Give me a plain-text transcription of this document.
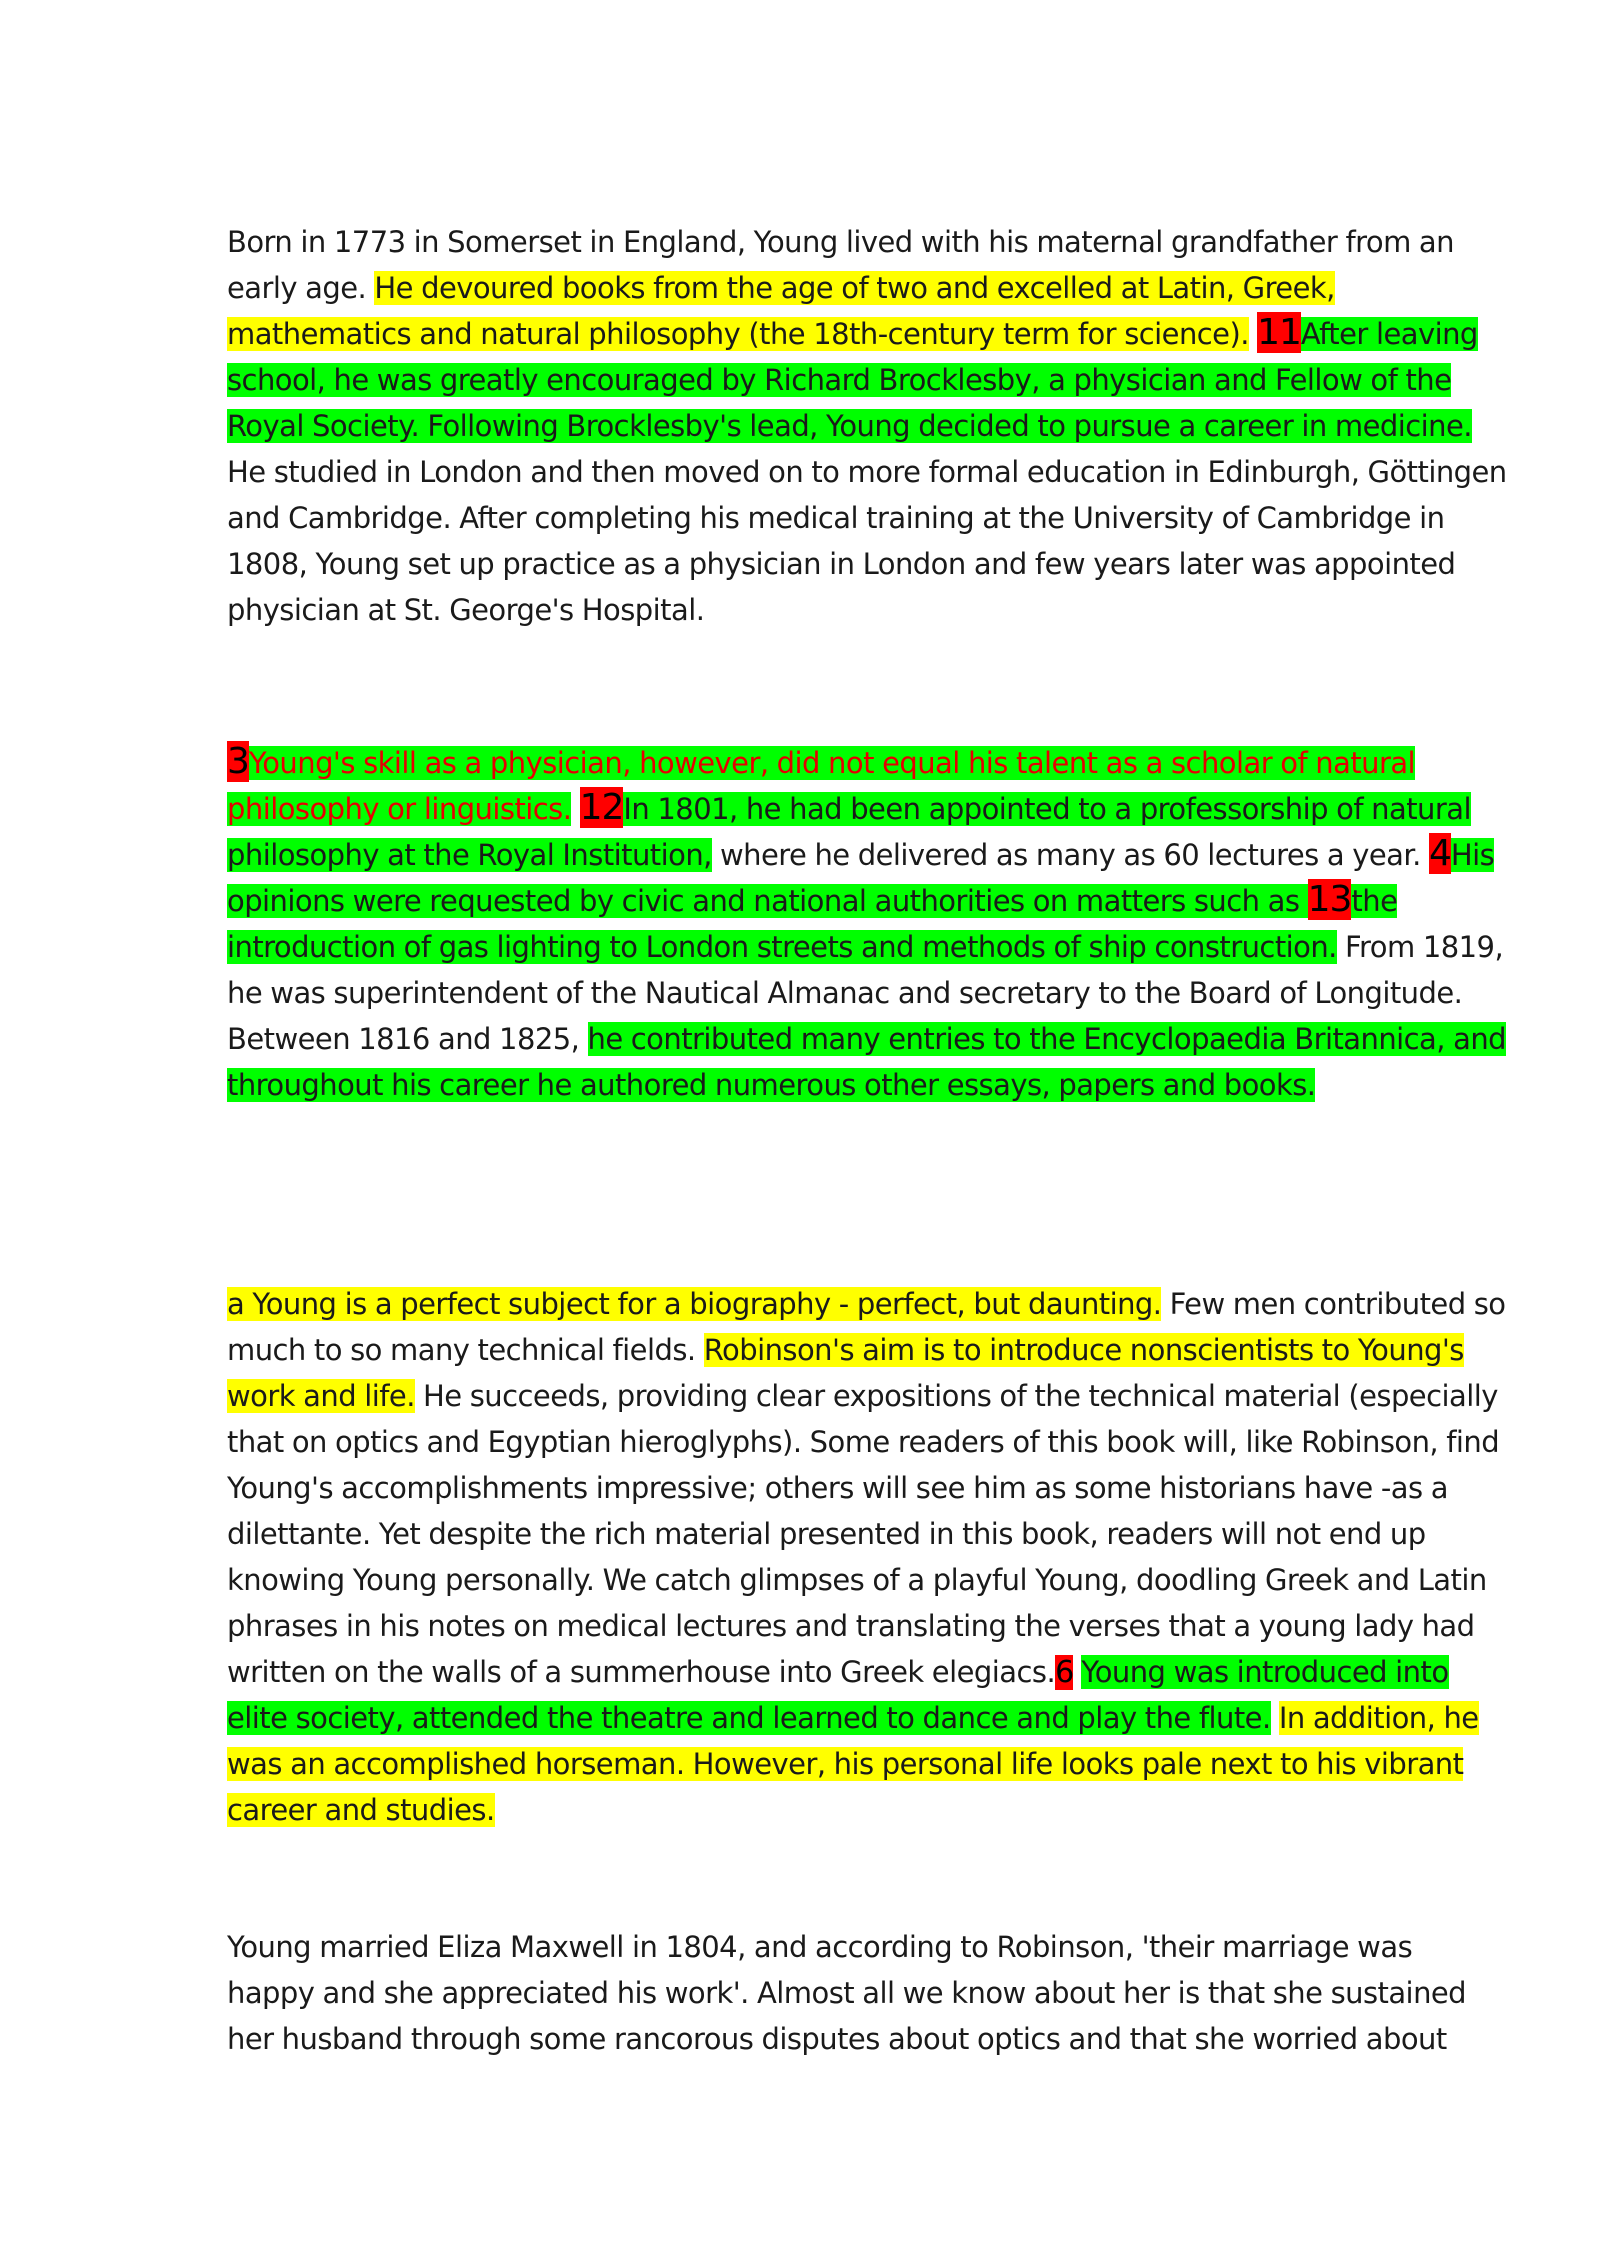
Born in 1773 in Somerset in England, Young lived with his maternal grandfather from an early age. He devoured books from the age of two and excelled at Latin, Greek, mathematics and natural philosophy (the 18th-century term for science). 11After leaving school, he was greatly encouraged by Richard Brocklesby, a physician and Fellow of the Royal Society. Following Brocklesby's lead, Young decided to pursue a career in medicine. He studied in London and then moved on to more formal education in Edinburgh, Göttingen and Cambridge. After completing his medical training at the University of Cambridge in 1808, Young set up practice as a physician in London and few years later was appointed physician at St. George's Hospital.

3Young's skill as a physician, however, did not equal his talent as a scholar of natural philosophy or linguistics. 12In 1801, he had been appointed to a professorship of natural philosophy at the Royal Institution, where he delivered as many as 60 lectures a year. 4His opinions were requested by civic and national authorities on matters such as 13the introduction of gas lighting to London streets and methods of ship construction. From 1819, he was superintendent of the Nautical Almanac and secretary to the Board of Longitude. Between 1816 and 1825, he contributed many entries to the Encyclopaedia Britannica, and throughout his career he authored numerous other essays, papers and books.

a Young is a perfect subject for a biography - perfect, but daunting. Few men contributed so much to so many technical fields. Robinson's aim is to introduce nonscientists to Young's work and life. He succeeds, providing clear expositions of the technical material (especially that on optics and Egyptian hieroglyphs). Some readers of this book will, like Robinson, find Young's accomplishments impressive; others will see him as some historians have -as a dilettante. Yet despite the rich material presented in this book, readers will not end up knowing Young personally. We catch glimpses of a playful Young, doodling Greek and Latin phrases in his notes on medical lectures and translating the verses that a young lady had written on the walls of a summerhouse into Greek elegiacs.6 Young was introduced into elite society, attended the theatre and learned to dance and play the flute. In addition, he was an accomplished horseman. However, his personal life looks pale next to his vibrant career and studies.

Young married Eliza Maxwell in 1804, and according to Robinson, 'their marriage was happy and she appreciated his work'. Almost all we know about her is that she sustained her husband through some rancorous disputes about optics and that she worried about
